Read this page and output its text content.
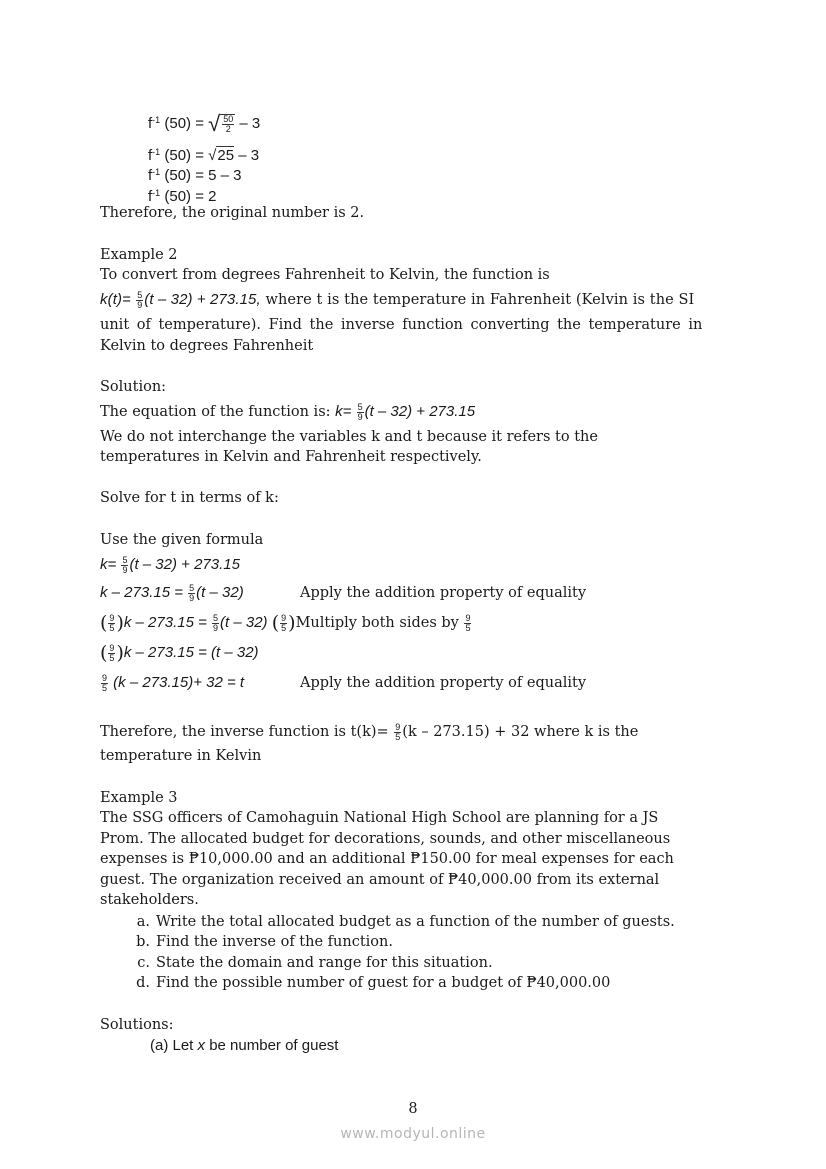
$f^{-1}$ (50) = √ $\frac{50}{2} - 3$
$f^{-1}$ (50) = √25 – 3
$f^{-1}$ (50) = 5 – 3
$f^{-1}$ (50) = 2
Therefore, the original number is 2.
Example 2
To convert from degrees Fahrenheit to Kelvin, the function is
$k(t)= \frac{5}{9} (t - 32) + 273.15$, where t is the temperature in Fahrenheit (Kelvin is the SI
unit of temperature). Find the inverse function converting the temperature in
Kelvin to degrees Fahrenheit
Solution:
The equation of the function is: $k= \frac{5}{9} (t - 32) + 273.15$
We do not interchange the variables k and t because it refers to the
temperatures in Kelvin and Fahrenheit respectively.
Solve for t in terms of k:
Use the given formula
$k= \frac{5}{9} (t - 32) + 273.15$
$k - 273.15 = \frac{5}{9} (t - 32)$	Apply the addition property of equality
( $\frac{9}{5} )k - 273.15 = \frac{5}{9} (t - 32)$ ( $\frac{9}{5}$ )Multiply both sides by $\frac{9}{5}$
( $\frac{9}{5} )k - 273.15 = (t - 32)$
$\frac{9}{5} (k - 273.15)+ 32 = t$	Apply the addition property of equality
Therefore, the inverse function is $t(k)= \frac{9}{5} (k - 273.15) + 32$ where k is the
temperature in Kelvin
Example 3
The SSG officers of Camohaguin National High School are planning for a JS
Prom. The allocated budget for decorations, sounds, and other miscellaneous
expenses is ₱10,000.00 and an additional ₱150.00 for meal expenses for each
guest. The organization received an amount of ₱40,000.00 from its external
stakeholders.
a. Write the total allocated budget as a function of the number of guests.
b. Find the inverse of the function.
c. State the domain and range for this situation.
d. Find the possible number of guest for a budget of ₱40,000.00
Solutions:
(a) Let x be number of guest
8
www.modyul.online
